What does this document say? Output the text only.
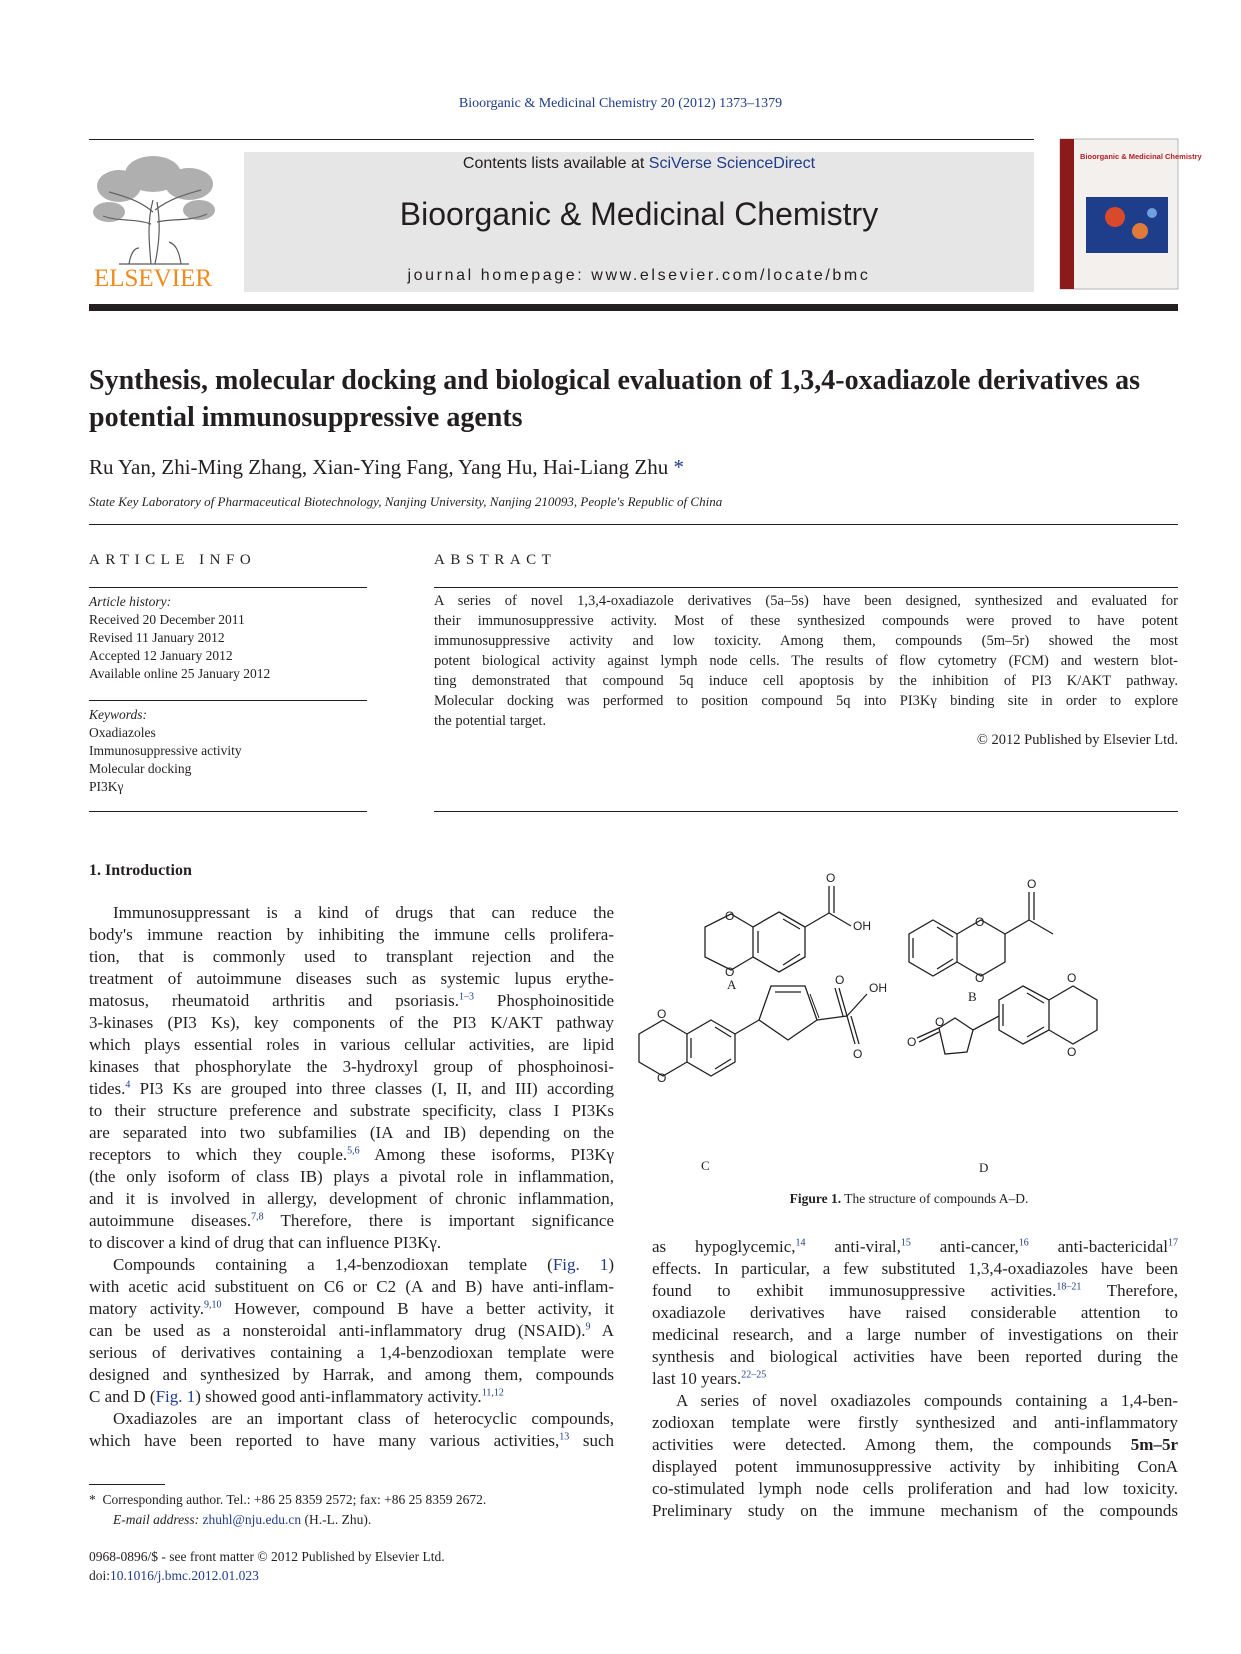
Bioorganic & Medicinal Chemistry 20 (2012) 1373–1379
ELSEVIER
Contents lists available at SciVerse ScienceDirect
Bioorganic & Medicinal Chemistry
journal homepage: www.elsevier.com/locate/bmc
Bioorganic & Medicinal Chemistry
Synthesis, molecular docking and biological evaluation of 1,3,4-oxadiazole derivatives as potential immunosuppressive agents
Ru Yan, Zhi-Ming Zhang, Xian-Ying Fang, Yang Hu, Hai-Liang Zhu *
State Key Laboratory of Pharmaceutical Biotechnology, Nanjing University, Nanjing 210093, People's Republic of China
ARTICLE INFO
Article history:
Received 20 December 2011
Revised 11 January 2012
Accepted 12 January 2012
Available online 25 January 2012
Keywords:
Oxadiazoles
Immunosuppressive activity
Molecular docking
PI3Kγ
ABSTRACT
A series of novel 1,3,4-oxadiazole derivatives (5a–5s) have been designed, synthesized and evaluated for
their immunosuppressive activity. Most of these synthesized compounds were proved to have potent
immunosuppressive activity and low toxicity. Among them, compounds (5m–5r) showed the most
potent biological activity against lymph node cells. The results of flow cytometry (FCM) and western blot-
ting demonstrated that compound 5q induce cell apoptosis by the inhibition of PI3 K/AKT pathway.
Molecular docking was performed to position compound 5q into PI3Kγ binding site in order to explore
the potential target.
© 2012 Published by Elsevier Ltd.
1. Introduction
Immunosuppressant is a kind of drugs that can reduce the
body's immune reaction by inhibiting the immune cells prolifera-
tion, that is commonly used to transplant rejection and the
treatment of autoimmune diseases such as systemic lupus erythe-
matosus, rheumatoid arthritis and psoriasis.$^{1-3}$ Phosphoinositide
3-kinases (PI3 Ks), key components of the PI3 K/AKT pathway
which plays essential roles in various cellular activities, are lipid
kinases that phosphorylate the 3-hydroxyl group of phosphoinosi-
tides.$^4$ PI3 Ks are grouped into three classes (I, II, and III) according
to their structure preference and substrate specificity, class I PI3Ks
are separated into two subfamilies (IA and IB) depending on the
receptors to which they couple.$^{5,6}$ Among these isoforms, PI3Kγ
(the only isoform of class IB) plays a pivotal role in inflammation,
and it is involved in allergy, development of chronic inflammation,
autoimmune diseases.$^{7,8}$ Therefore, there is important significance
to discover a kind of drug that can influence PI3Kγ.
Compounds containing a 1,4-benzodioxan template (Fig. 1)
with acetic acid substituent on C6 or C2 (A and B) have anti-inflam-
matory activity.$^{9,10}$ However, compound B have a better activity, it
can be used as a nonsteroidal anti-inflammatory drug (NSAID).$^9$ A
serious of derivatives containing a 1,4-benzodioxan template were
designed and synthesized by Harrak, and among them, compounds
C and D (Fig. 1) showed good anti-inflammatory activity.$^{11,12}$
Oxadiazoles are an important class of heterocyclic compounds,
which have been reported to have many various activities,$^{13}$ such
O
OH
O
O
O
O
O
O
OH
O
O
O
O
O
O
O
A
B
C	D
Figure 1. The structure of compounds A–D.
as hypoglycemic,$^{14}$ anti-viral,$^{15}$ anti-cancer,$^{16}$ anti-bactericidal$^{17}$
effects. In particular, a few substituted 1,3,4-oxadiazoles have been
found to exhibit immunosuppressive activities.$^{18-21}$ Therefore,
oxadiazole derivatives have raised considerable attention to
medicinal research, and a large number of investigations on their
synthesis and biological activities have been reported during the
last 10 years.$^{22-25}$
A series of novel oxadiazoles compounds containing a 1,4-ben-
zodioxan template were firstly synthesized and anti-inflammatory
activities were detected. Among them, the compounds 5m–5r
displayed potent immunosuppressive activity by inhibiting ConA
co-stimulated lymph node cells proliferation and had low toxicity.
Preliminary study on the immune mechanism of the compounds
* Corresponding author. Tel.: +86 25 8359 2572; fax: +86 25 8359 2672.
E-mail address: zhuhl@nju.edu.cn (H.-L. Zhu).
0968-0896/$ - see front matter © 2012 Published by Elsevier Ltd.
doi:10.1016/j.bmc.2012.01.023
